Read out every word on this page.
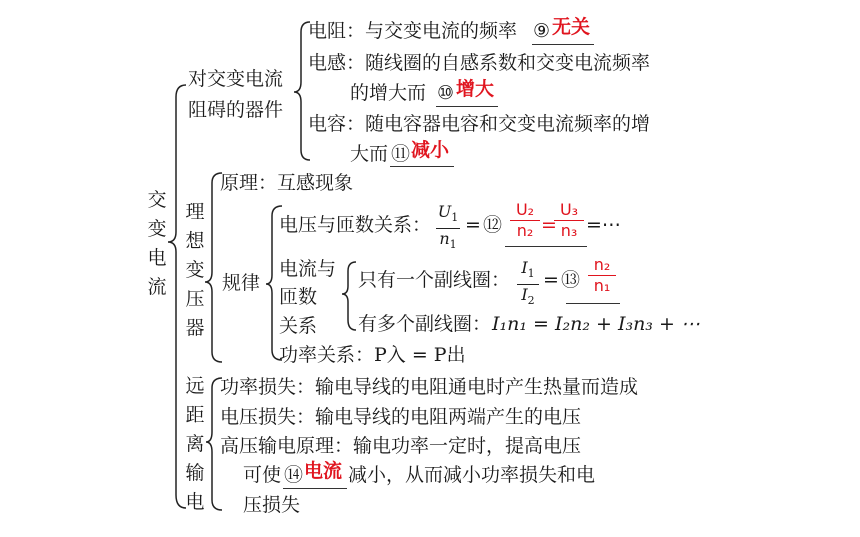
交变电流
对交变电流
阻碍的器件
电阻：与交变电流的频率 ⑨ 无关
电感：随线圈的自感系数和交变电流频率
的增大而 ⑩ 增大
电容：随电容器电容和交变电流频率的增
大而 ⑪ 减小
理想变压器
原理：互感现象
规律
电压与匝数关系：
$U_1$
$n_1$
= ⑫
U₂
n₂ =
U₃
n₃ =⋯
电流与
匝数
关系
只有一个副线圈：
$I_1$
$I_2$
= ⑬
n₂
n₁
有多个副线圈： I₁n₁ = I₂n₂ + I₃n₃ + ⋯
功率关系：P入 = P出
远距离输电
功率损失：输电导线的电阻通电时产生热量而造成
电压损失：输电导线的电阻两端产生的电压
高压输电原理：输电功率一定时，提高电压
可使 ⑭ 电流 减小，从而减小功率损失和电
压损失
